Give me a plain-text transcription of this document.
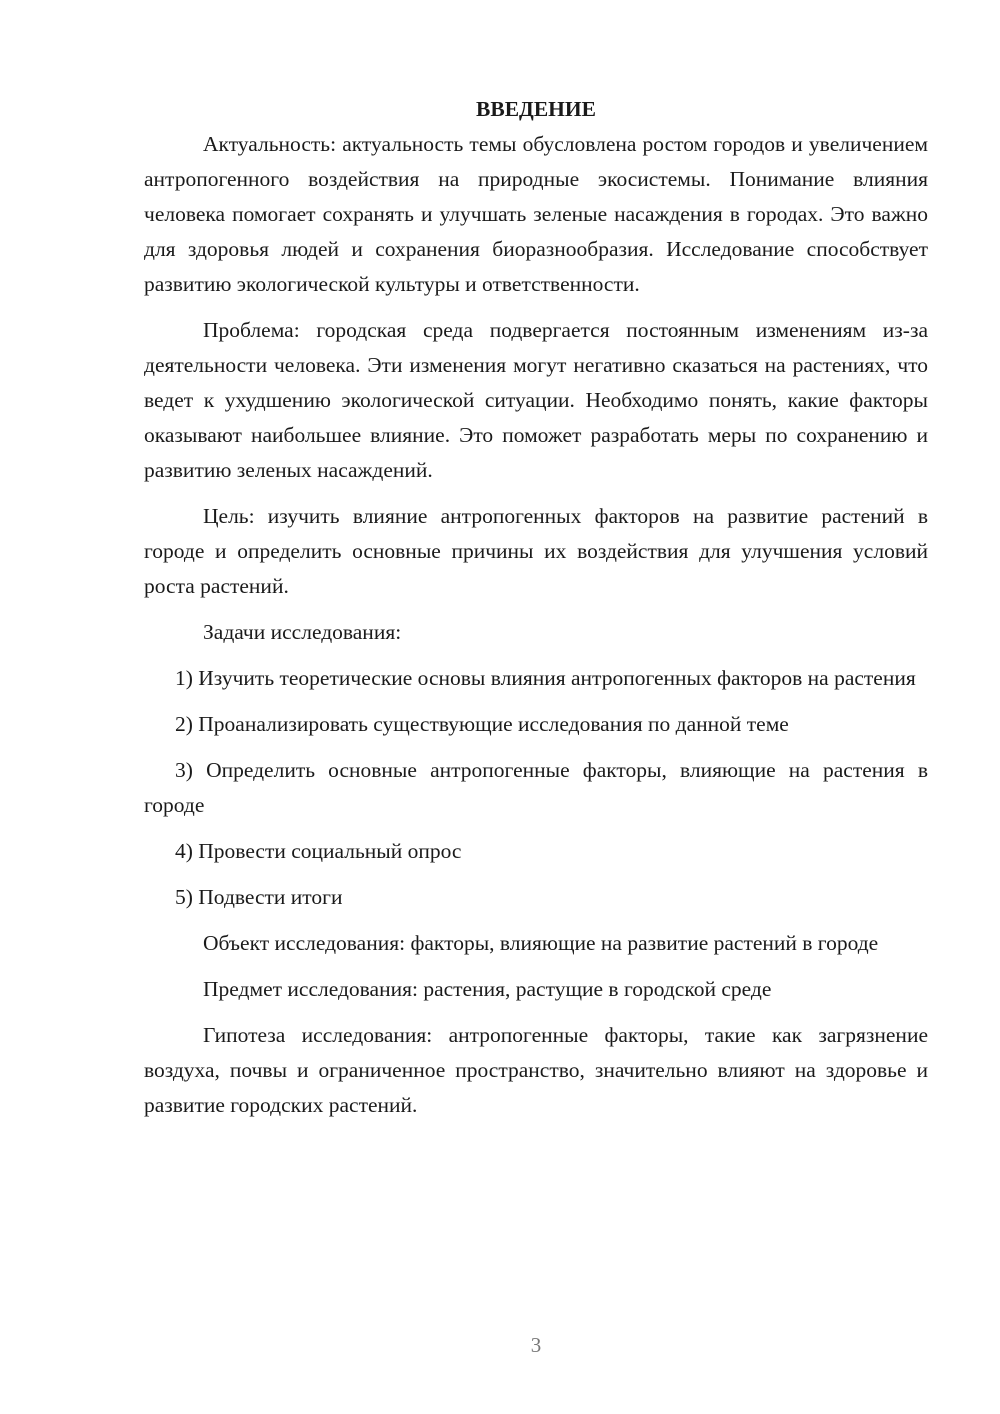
ВВЕДЕНИЕ

Актуальность: актуальность темы обусловлена ростом городов и увеличением антропогенного воздействия на природные экосистемы. Понимание влияния человека помогает сохранять и улучшать зеленые насаждения в городах. Это важно для здоровья людей и сохранения биоразнообразия. Исследование способствует развитию экологической культуры и ответственности.

Проблема: городская среда подвергается постоянным изменениям из-за деятельности человека. Эти изменения могут негативно сказаться на растениях, что ведет к ухудшению экологической ситуации. Необходимо понять, какие факторы оказывают наибольшее влияние. Это поможет разработать меры по сохранению и развитию зеленых насаждений.

Цель: изучить влияние антропогенных факторов на развитие растений в городе и определить основные причины их воздействия для улучшения условий роста растений.

Задачи исследования:

1) Изучить теоретические основы влияния антропогенных факторов на растения

2) Проанализировать существующие исследования по данной теме

3) Определить основные антропогенные факторы, влияющие на растения в городе

4) Провести социальный опрос

5) Подвести итоги

Объект исследования: факторы, влияющие на развитие растений в городе

Предмет исследования: растения, растущие в городской среде

Гипотеза исследования: антропогенные факторы, такие как загрязнение воздуха, почвы и ограниченное пространство, значительно влияют на здоровье и развитие городских растений.

3
